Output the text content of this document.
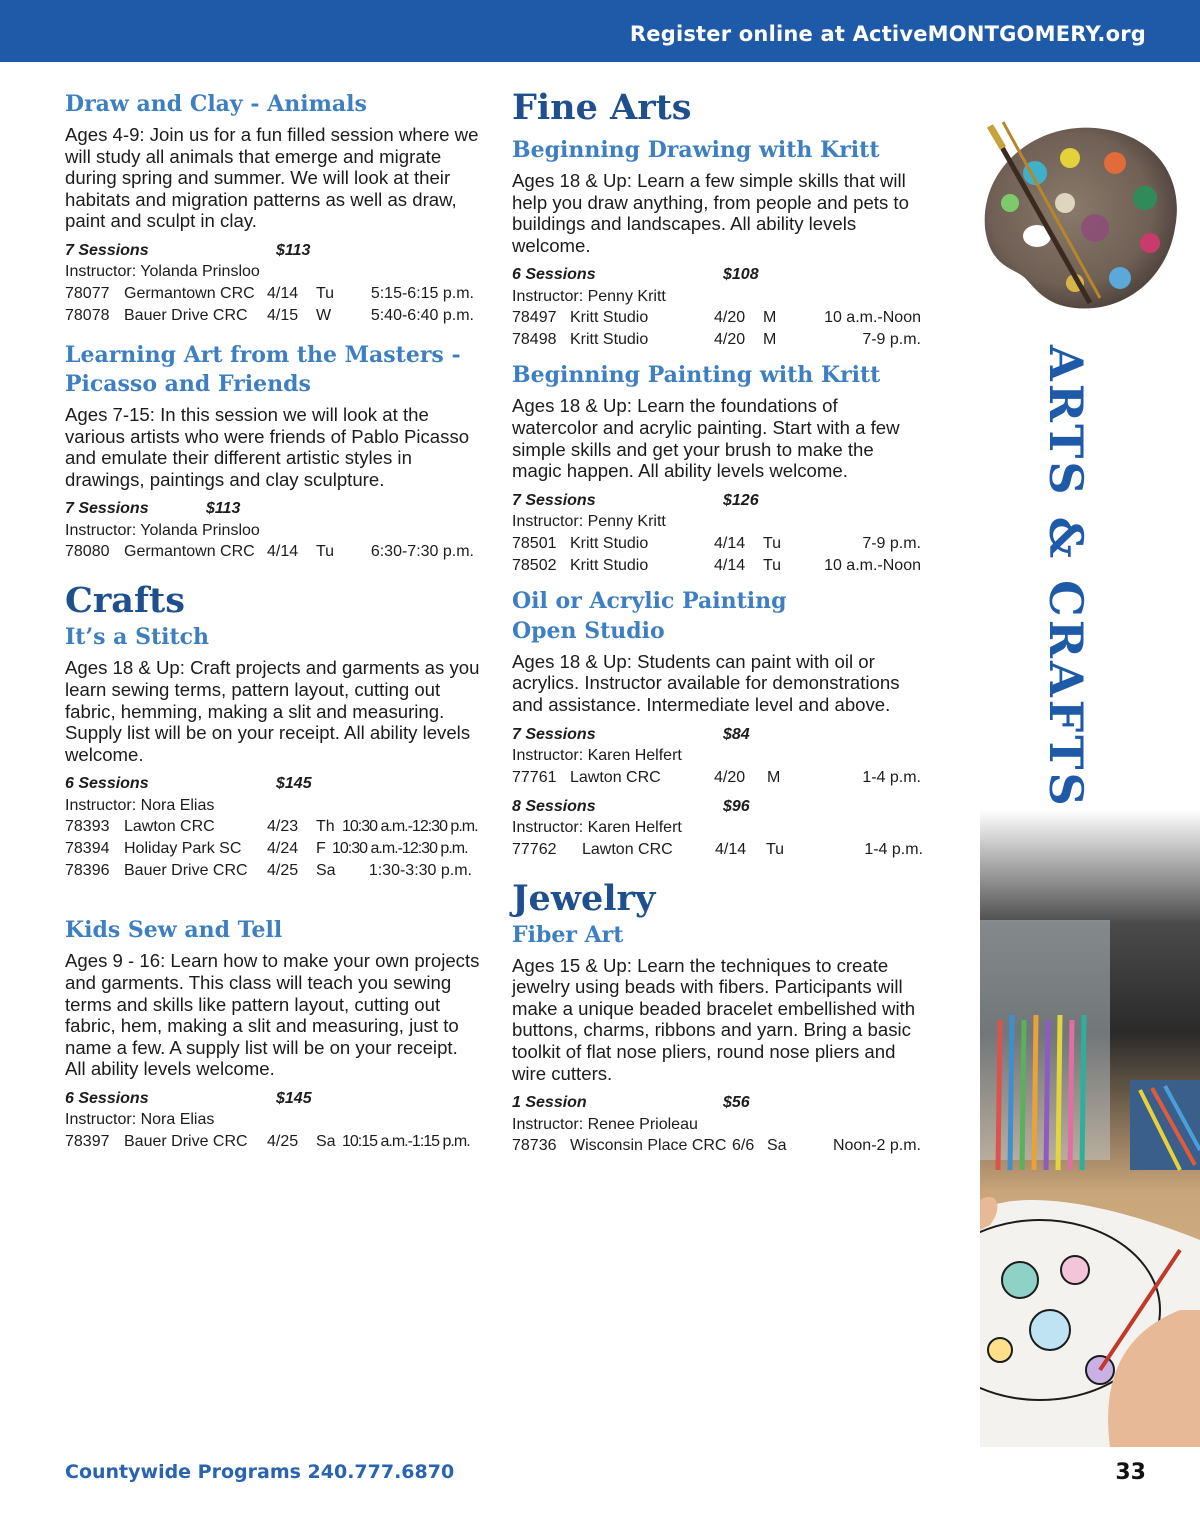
Register online at ActiveMONTGOMERY.org
Draw and Clay - Animals
Ages 4-9: Join us for a fun filled session where we will study all animals that emerge and migrate during spring and summer. We will look at their habitats and migration patterns as well as draw, paint and sculpt in clay.
7 Sessions	$113
Instructor: Yolanda Prinsloo
78077 Germantown CRC 4/14 Tu 5:15-6:15 p.m.
78078 Bauer Drive CRC 4/15 W 5:40-6:40 p.m.
Learning Art from the Masters -
Picasso and Friends
Ages 7-15: In this session we will look at the various artists who were friends of Pablo Picasso and emulate their different artistic styles in drawings, paintings and clay sculpture.
7 Sessions	$113
Instructor: Yolanda Prinsloo
78080 Germantown CRC 4/14 Tu 6:30-7:30 p.m.
Crafts
It’s a Stitch
Ages 18 & Up: Craft projects and garments as you learn sewing terms, pattern layout, cutting out fabric, hemming, making a slit and measuring. Supply list will be on your receipt. All ability levels welcome.
6 Sessions	$145
Instructor: Nora Elias
78393 Lawton CRC	4/23 Th 10:30 a.m.-12:30 p.m.
78394 Holiday Park SC 4/24 F 10:30 a.m.-12:30 p.m.
78396 Bauer Drive CRC 4/25 Sa 1:30-3:30 p.m.
Kids Sew and Tell
Ages 9 - 16: Learn how to make your own projects and garments. This class will teach you sewing terms and skills like pattern layout, cutting out fabric, hem, making a slit and measuring, just to name a few. A supply list will be on your receipt. All ability levels welcome.
6 Sessions	$145
Instructor: Nora Elias
78397 Bauer Drive CRC 4/25 Sa 10:15 a.m.-1:15 p.m.
Fine Arts
Beginning Drawing with Kritt
Ages 18 & Up: Learn a few simple skills that will help you draw anything, from people and pets to buildings and landscapes. All ability levels welcome.
6 Sessions	$108
Instructor: Penny Kritt
78497 Kritt Studio	4/20 M	10 a.m.-Noon
78498 Kritt Studio	4/20 M	7-9 p.m.
Beginning Painting with Kritt
Ages 18 & Up: Learn the foundations of watercolor and acrylic painting. Start with a few simple skills and get your brush to make the magic happen. All ability levels welcome.
7 Sessions	$126
Instructor: Penny Kritt
78501 Kritt Studio	4/14 Tu	7-9 p.m.
78502 Kritt Studio	4/14 Tu	10 a.m.-Noon
Oil or Acrylic Painting
Open Studio
Ages 18 & Up: Students can paint with oil or acrylics. Instructor available for demonstrations and assistance. Intermediate level and above.
7 Sessions	$84
Instructor: Karen Helfert
77761 Lawton CRC	4/20 M	1-4 p.m.
8 Sessions	$96
Instructor: Karen Helfert
77762 Lawton CRC	4/14 Tu	1-4 p.m.
Jewelry
Fiber Art
Ages 15 & Up: Learn the techniques to create jewelry using beads with fibers. Participants will make a unique beaded bracelet embellished with buttons, charms, ribbons and yarn. Bring a basic toolkit of flat nose pliers, round nose pliers and wire cutters.
1 Session	$56
Instructor: Renee Prioleau
78736 Wisconsin Place CRC 6/6 Sa	Noon-2 p.m.
ARTS & CRAFTS
Countywide Programs 240.777.6870	33
